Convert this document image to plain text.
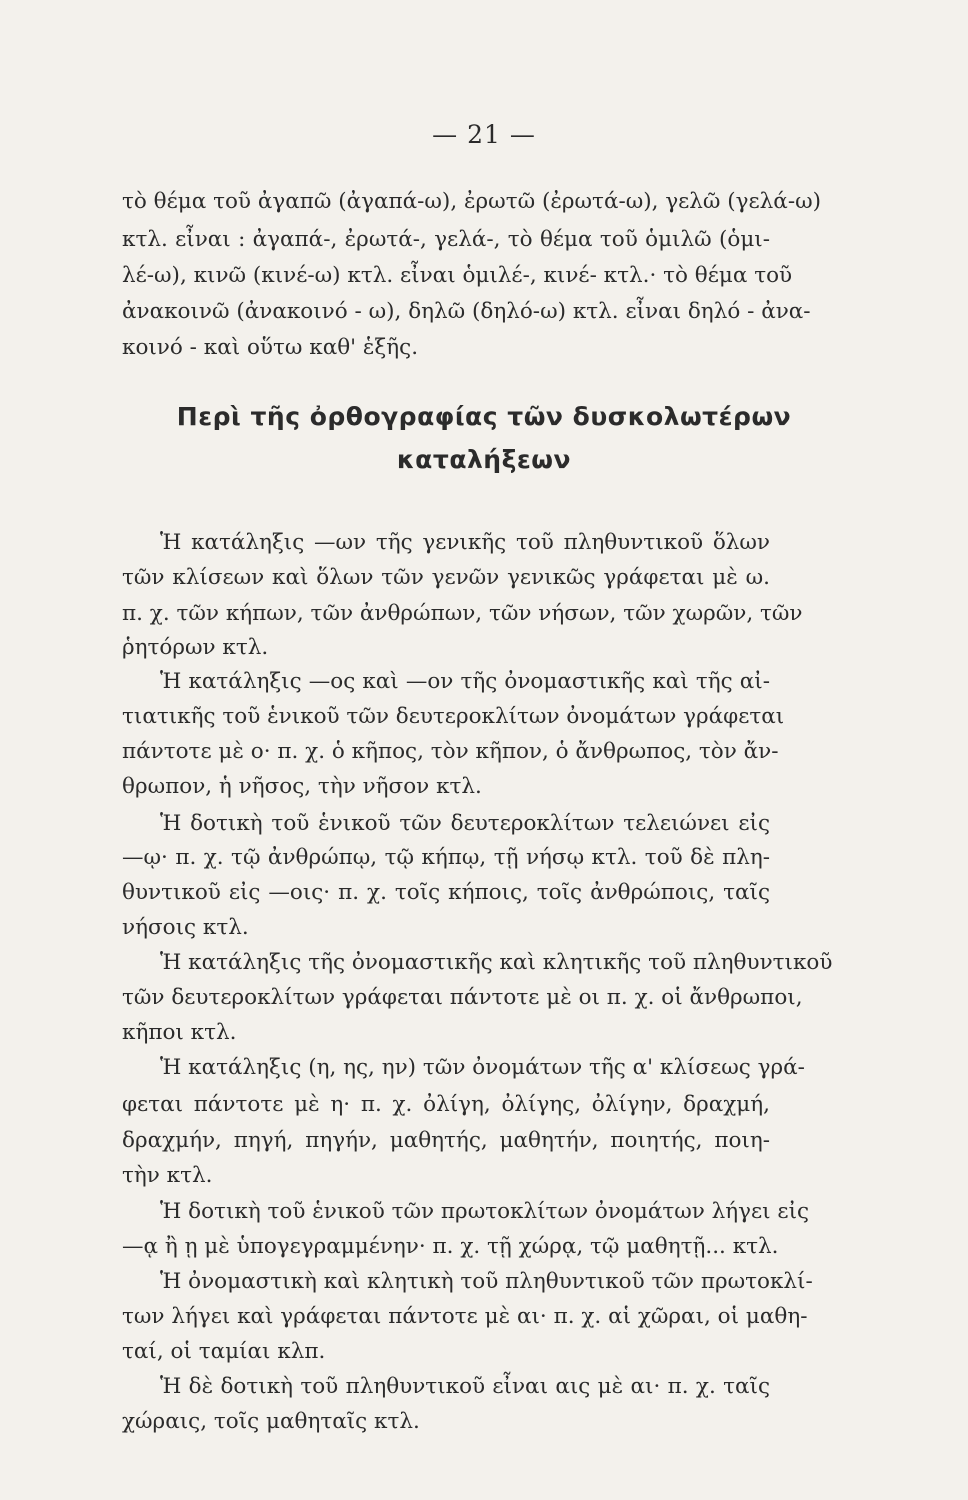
— 21 —
τὸ θέμα τοῦ ἀγαπῶ (ἀγαπά-ω), ἐρωτῶ (ἐρωτά-ω), γελῶ (γελά-ω)
κτλ. εἶναι : ἀγαπά-, ἐρωτά-, γελά-, τὸ θέμα τοῦ ὁμιλῶ (ὁμι-
λέ-ω), κινῶ (κινέ-ω) κτλ. εἶναι ὁμιλέ-, κινέ- κτλ.· τὸ θέμα τοῦ
ἀνακοινῶ (ἀνακοινό - ω), δηλῶ (δηλό-ω) κτλ. εἶναι δηλό - ἀνα-
κοινό - καὶ οὕτω καθ' ἑξῆς.
Περὶ τῆς ὀρθογραφίας τῶν δυσκολωτέρων
καταλήξεων
Ἡ κατάληξις —ων τῆς γενικῆς τοῦ πληθυντικοῦ ὅλων
τῶν κλίσεων καὶ ὅλων τῶν γενῶν γενικῶς γράφεται μὲ ω.
π. χ. τῶν κήπων, τῶν ἀνθρώπων, τῶν νήσων, τῶν χωρῶν, τῶν
ῥητόρων κτλ.
Ἡ κατάληξις —ος καὶ —ον τῆς ὀνομαστικῆς καὶ τῆς αἰ-
τιατικῆς τοῦ ἑνικοῦ τῶν δευτεροκλίτων ὀνομάτων γράφεται
πάντοτε μὲ ο· π. χ. ὁ κῆπος, τὸν κῆπον, ὁ ἄνθρωπος, τὸν ἄν-
θρωπον, ἡ νῆσος, τὴν νῆσον κτλ.
Ἡ δοτικὴ τοῦ ἑνικοῦ τῶν δευτεροκλίτων τελειώνει εἰς
—ῳ· π. χ. τῷ ἀνθρώπῳ, τῷ κήπῳ, τῇ νήσῳ κτλ. τοῦ δὲ πλη-
θυντικοῦ εἰς —οις· π. χ. τοῖς κήποις, τοῖς ἀνθρώποις, ταῖς
νήσοις κτλ.
Ἡ κατάληξις τῆς ὀνομαστικῆς καὶ κλητικῆς τοῦ πληθυντικοῦ
τῶν δευτεροκλίτων γράφεται πάντοτε μὲ οι π. χ. οἱ ἄνθρωποι,
κῆποι κτλ.
Ἡ κατάληξις (η, ης, ην) τῶν ὀνομάτων τῆς α' κλίσεως γρά-
φεται πάντοτε μὲ η· π. χ. ὀλίγη, ὀλίγης, ὀλίγην, δραχμή,
δραχμήν, πηγή, πηγήν, μαθητής, μαθητήν, ποιητής, ποιη-
τὴν κτλ.
Ἡ δοτικὴ τοῦ ἑνικοῦ τῶν πρωτοκλίτων ὀνομάτων λήγει εἰς
—ᾳ ἢ ῃ μὲ ὑπογεγραμμένην· π. χ. τῇ χώρᾳ, τῷ μαθητῇ... κτλ.
Ἡ ὀνομαστικὴ καὶ κλητικὴ τοῦ πληθυντικοῦ τῶν πρωτοκλί-
των λήγει καὶ γράφεται πάντοτε μὲ αι· π. χ. αἱ χῶραι, οἱ μαθη-
ταί, οἱ ταμίαι κλπ.
Ἡ δὲ δοτικὴ τοῦ πληθυντικοῦ εἶναι αις μὲ αι· π. χ. ταῖς
χώραις, τοῖς μαθηταῖς κτλ.
